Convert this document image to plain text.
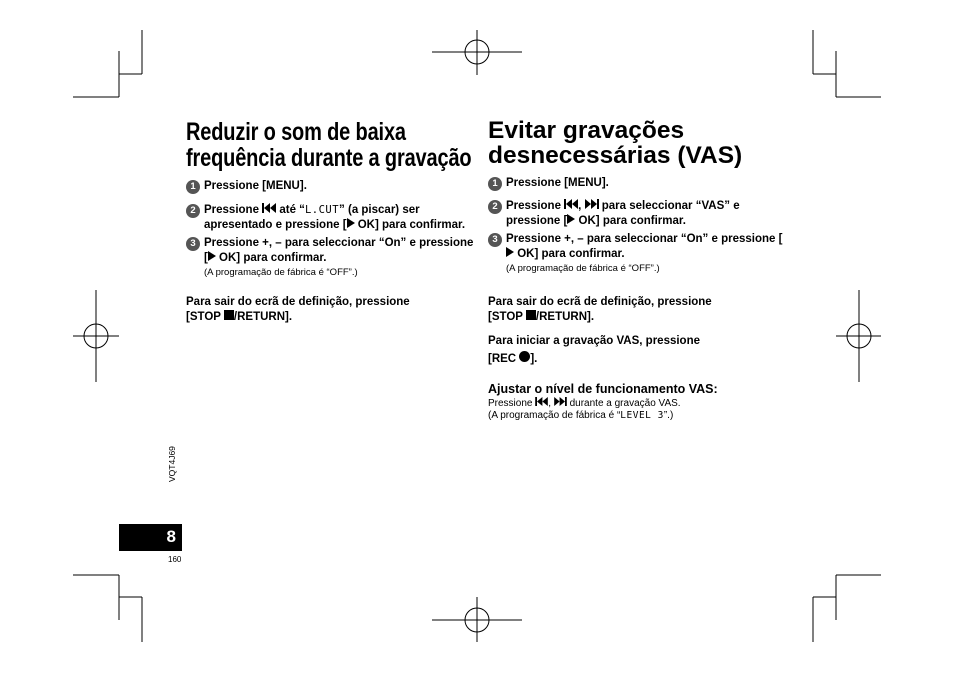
Reduzir o som de baixa
frequência durante a gravação
1 Pressione [MENU].
2 Pressione  até “L.CUT” (a piscar) ser apresentado e pressione [ OK] para confirmar.
3 Pressione +, – para seleccionar “On” e pressione [ OK] para confirmar.
(A programação de fábrica é “OFF”.)
Para sair do ecrã de definição, pressione
[STOP /RETURN].
Evitar gravações
desnecessárias (VAS)
1 Pressione [MENU].
2 Pressione ,  para seleccionar “VAS” e pressione [ OK] para confirmar.
3 Pressione +, – para seleccionar “On” e pressione [ OK] para confirmar.
(A programação de fábrica é “OFF”.)
Para sair do ecrã de definição, pressione
[STOP /RETURN].
Para iniciar a gravação VAS, pressione
[REC ].
Ajustar o nível de funcionamento VAS:
Pressione ,  durante a gravação VAS.
(A programação de fábrica é “LEVEL 3”.)
VQT4J69
8
160
